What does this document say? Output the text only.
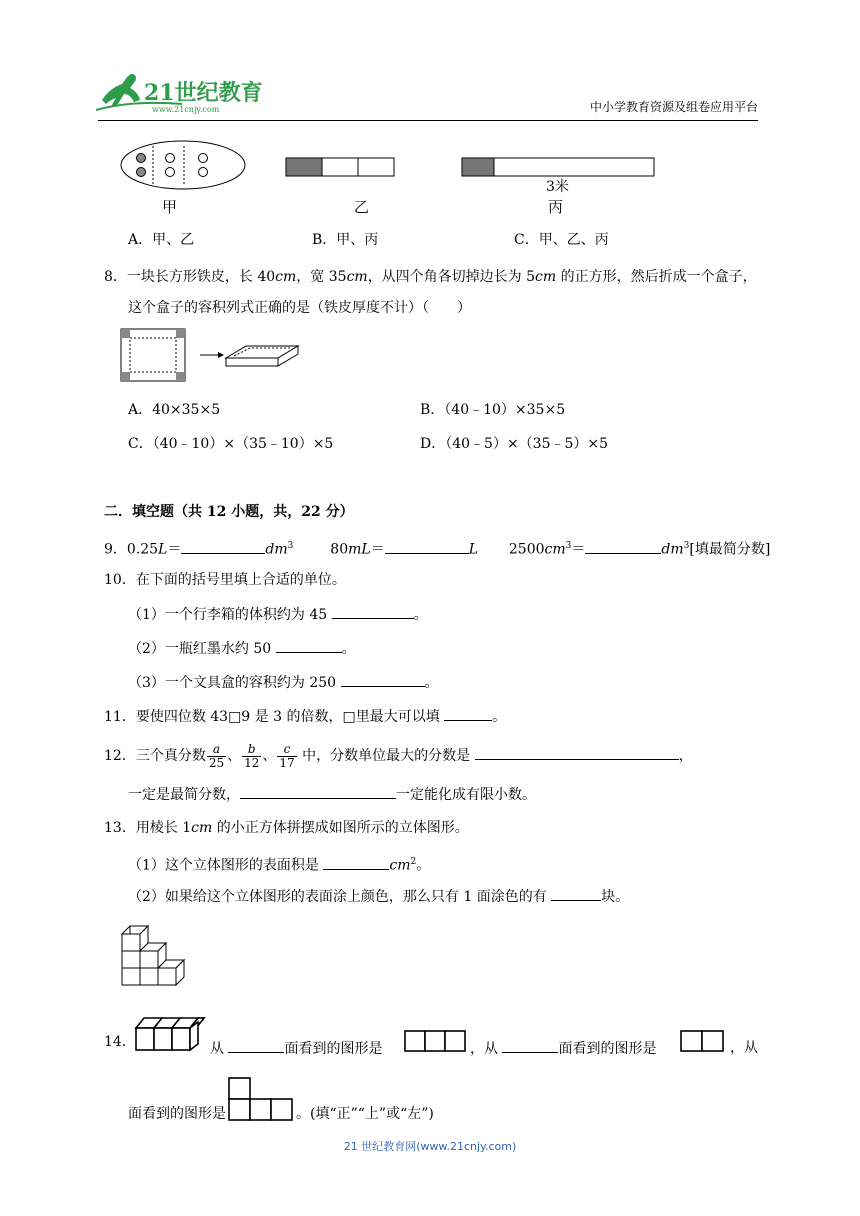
21世纪教育
www.21cnjy.com	中小学教育资源及组卷应用平台
甲	乙
3米
丙
A．甲、乙	B．甲、丙	C．甲、乙、丙
8．一块长方形铁皮，长 40cm，宽 35cm，从四个角各切掉边长为 5cm 的正方形，然后折成一个盒子，
这个盒子的容积列式正确的是（铁皮厚度不计）（　　）
A．40×35×5	B．（40﹣10）×35×5
C．（40﹣10）×（35﹣10）×5	D．（40﹣5）×（35﹣5）×5
二．填空题（共 12 小题，共，22 分）
9．0.25L＝	$dm^3$	80mL＝	L $2500cm^3=$	$dm^3$[填最简分数]
10．在下面的括号里填上合适的单位。
（1）一个行李箱的体积约为 45	。
（2）一瓶红墨水约 50	。
（3）一个文具盒的容积约为 250	。
11．要使四位数 43□9 是 3 的倍数，□里最大可以填	。
12．三个真分数 $\frac{a}{25}$ 、 $\frac{b}{12}$ 、 $\frac{c}{17}$ 中，分数单位最大的分数是	，
一定是最简分数，	一定能化成有限小数。
13．用棱长 1cm 的小正方体拼摆成如图所示的立体图形。
（1）这个立体图形的表面积是	$cm^2$。
（2）如果给这个立体图形的表面涂上颜色，那么只有 1 面涂色的有	块。
14．	从	面看到的图形是	，从	面看到的图形是	，从
面看到的图形是	。(填“正”“上”或“左”)
21 世纪教育网(www.21cnjy.com)
